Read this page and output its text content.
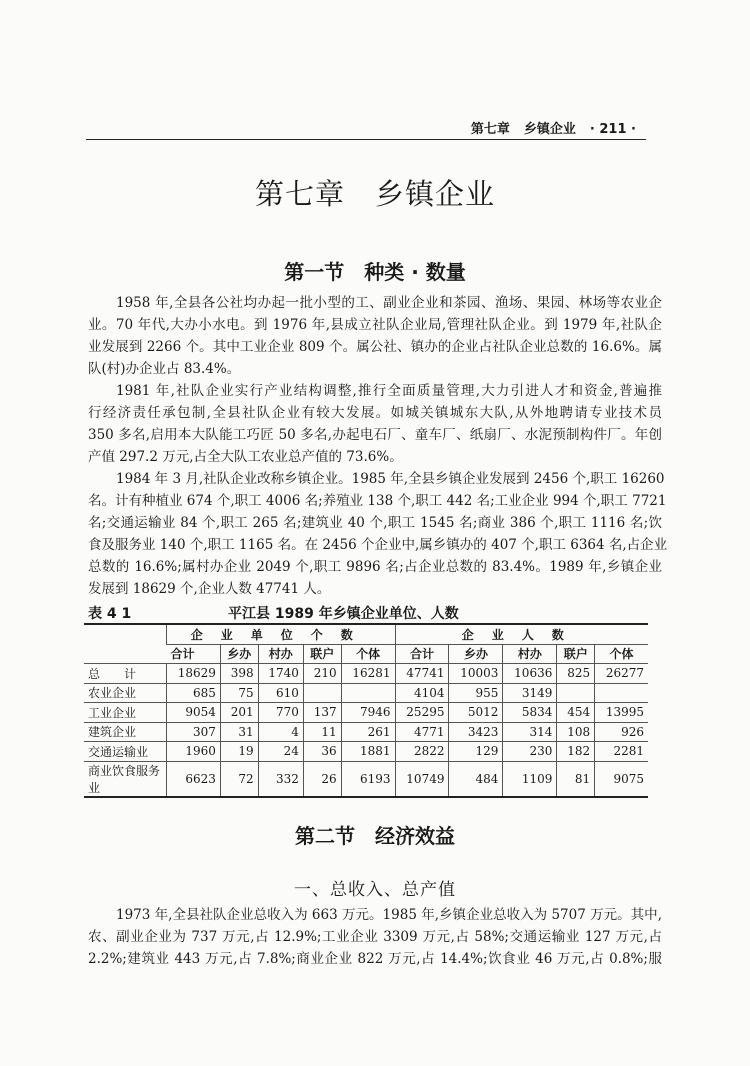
第七章 乡镇企业 · 211 ·
第七章　乡镇企业
第一节　种类 · 数量
1958 年,全县各公社均办起一批小型的工、副业企业和茶园、渔场、果园、林场等农业企
业。70 年代,大办小水电。到 1976 年,县成立社队企业局,管理社队企业。到 1979 年,社队企
业发展到 2266 个。其中工业企业 809 个。属公社、镇办的企业占社队企业总数的 16.6%。属
队(村)办企业占 83.4%。
1981 年,社队企业实行产业结构调整,推行全面质量管理,大力引进人才和资金,普遍推
行经济责任承包制,全县社队企业有较大发展。如城关镇城东大队,从外地聘请专业技术员
350 多名,启用本大队能工巧匠 50 多名,办起电石厂、童车厂、纸扇厂、水泥预制构件厂。年创
产值 297.2 万元,占全大队工农业总产值的 73.6%。
1984 年 3 月,社队企业改称乡镇企业。1985 年,全县乡镇企业发展到 2456 个,职工 16260
名。计有种植业 674 个,职工 4006 名;养殖业 138 个,职工 442 名;工业企业 994 个,职工 7721
名;交通运输业 84 个,职工 265 名;建筑业 40 个,职工 1545 名;商业 386 个,职工 1116 名;饮
食及服务业 140 个,职工 1165 名。在 2456 个企业中,属乡镇办的 407 个,职工 6364 名,占企业
总数的 16.6%;属村办企业 2049 个,职工 9896 名;占企业总数的 83.4%。1989 年,乡镇企业
发展到 18629 个,企业人数 47741 人。
表 4 1	平江县 1989 年乡镇企业单位、人数
	企业单位个数					企业人数				
	合计	乡办	村办	联户	个体	合计	乡办	村办	联户	个体
总　　计	18629	398	1740	210	16281	47741	10003	10636	825	26277
农业企业	685	75	610			4104	955	3149		
工业企业	9054	201	770	137	7946	25295	5012	5834	454	13995
建筑企业	307	31	4	11	261	4771	3423	314	108	926
交通运输业	1960	19	24	36	1881	2822	129	230	182	2281
商业饮食服务业	6623	72	332	26	6193	10749	484	1109	81	9075
第二节　经济效益
一、总收入、总产值
1973 年,全县社队企业总收入为 663 万元。1985 年,乡镇企业总收入为 5707 万元。其中,
农、副业企业为 737 万元,占 12.9%;工业企业 3309 万元,占 58%;交通运输业 127 万元,占
2.2%;建筑业 443 万元,占 7.8%;商业企业 822 万元,占 14.4%;饮食业 46 万元,占 0.8%;服
